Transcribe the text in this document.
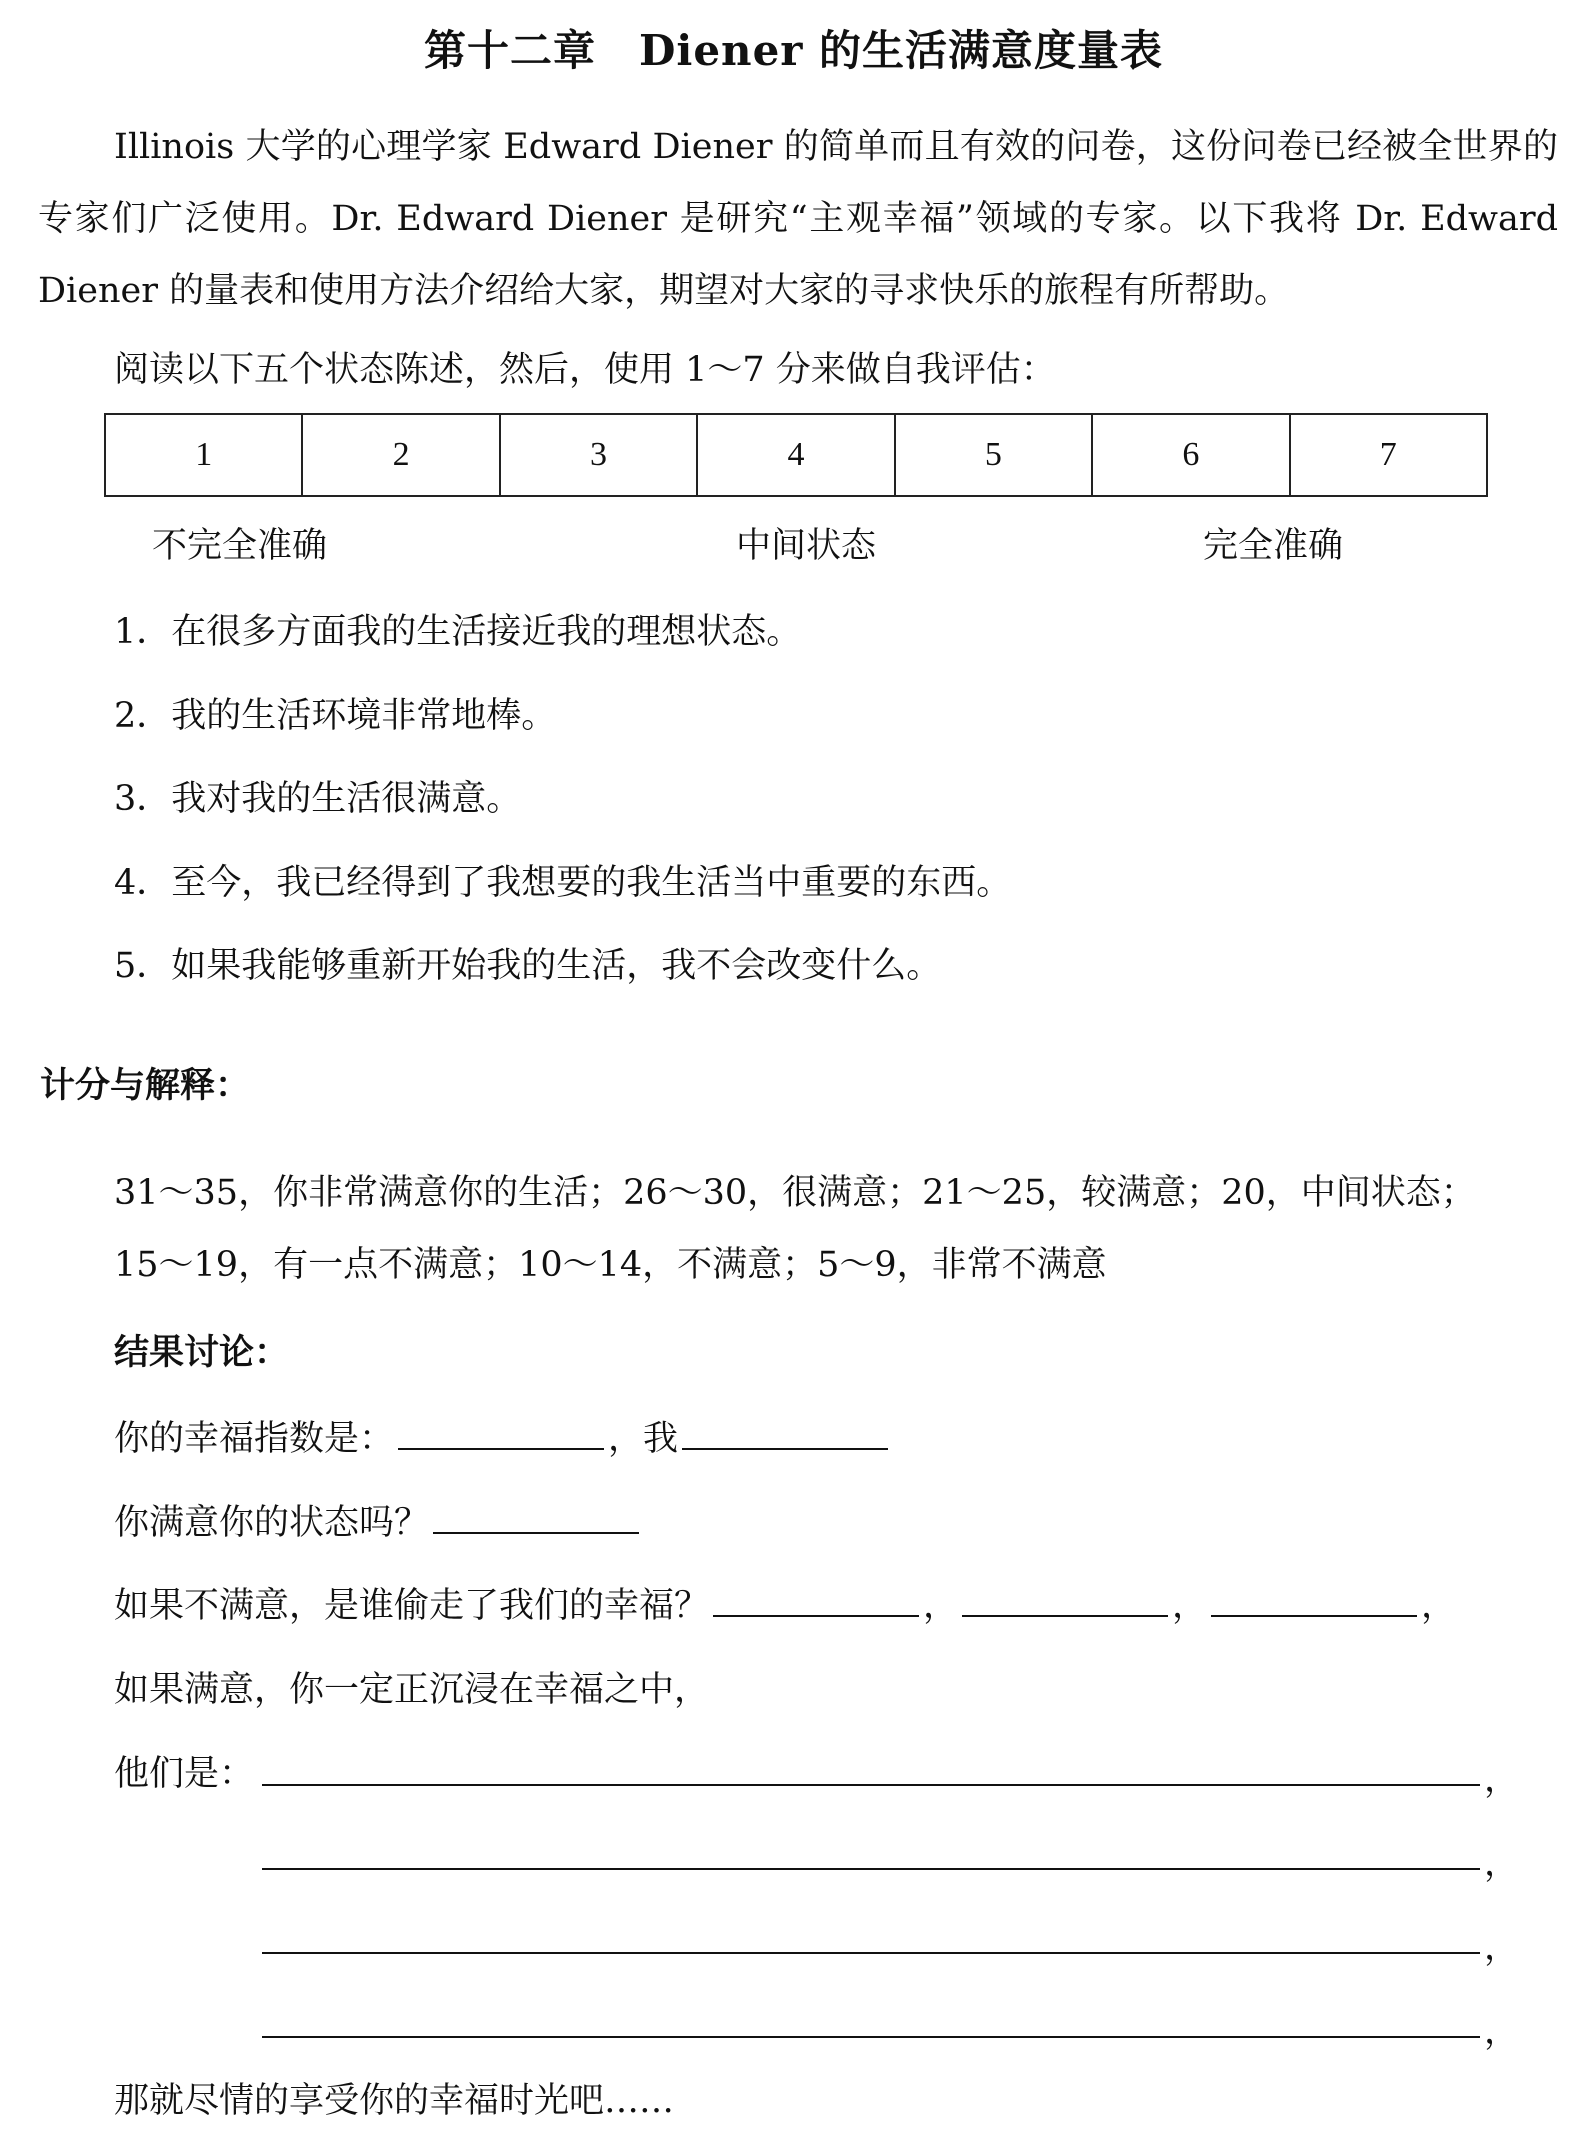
第十二章　Diener 的生活满意度量表
Illinois 大学的心理学家 Edward Diener 的简单而且有效的问卷，这份问卷已经被全世界的专家们广泛使用。Dr. Edward Diener 是研究“主观幸福”领域的专家。以下我将 Dr. Edward Diener 的量表和使用方法介绍给大家，期望对大家的寻求快乐的旅程有所帮助。
阅读以下五个状态陈述，然后，使用 1～7 分来做自我评估：
1	2	3	4	5	6	7
不完全准确	中间状态	完全准确
1．在很多方面我的生活接近我的理想状态。
2．我的生活环境非常地棒。
3．我对我的生活很满意。
4．至今，我已经得到了我想要的我生活当中重要的东西。
5．如果我能够重新开始我的生活，我不会改变什么。
计分与解释：
31～35，你非常满意你的生活；26～30，很满意；21～25，较满意；20，中间状态；
15～19，有一点不满意；10～14，不满意；5～9，非常不满意
结果讨论：
你的幸福指数是：	，我
你满意你的状态吗？
如果不满意，是谁偷走了我们的幸福？	，	，	，
如果满意，你一定正沉浸在幸福之中，
他们是：	，
，
，
，
那就尽情的享受你的幸福时光吧……
